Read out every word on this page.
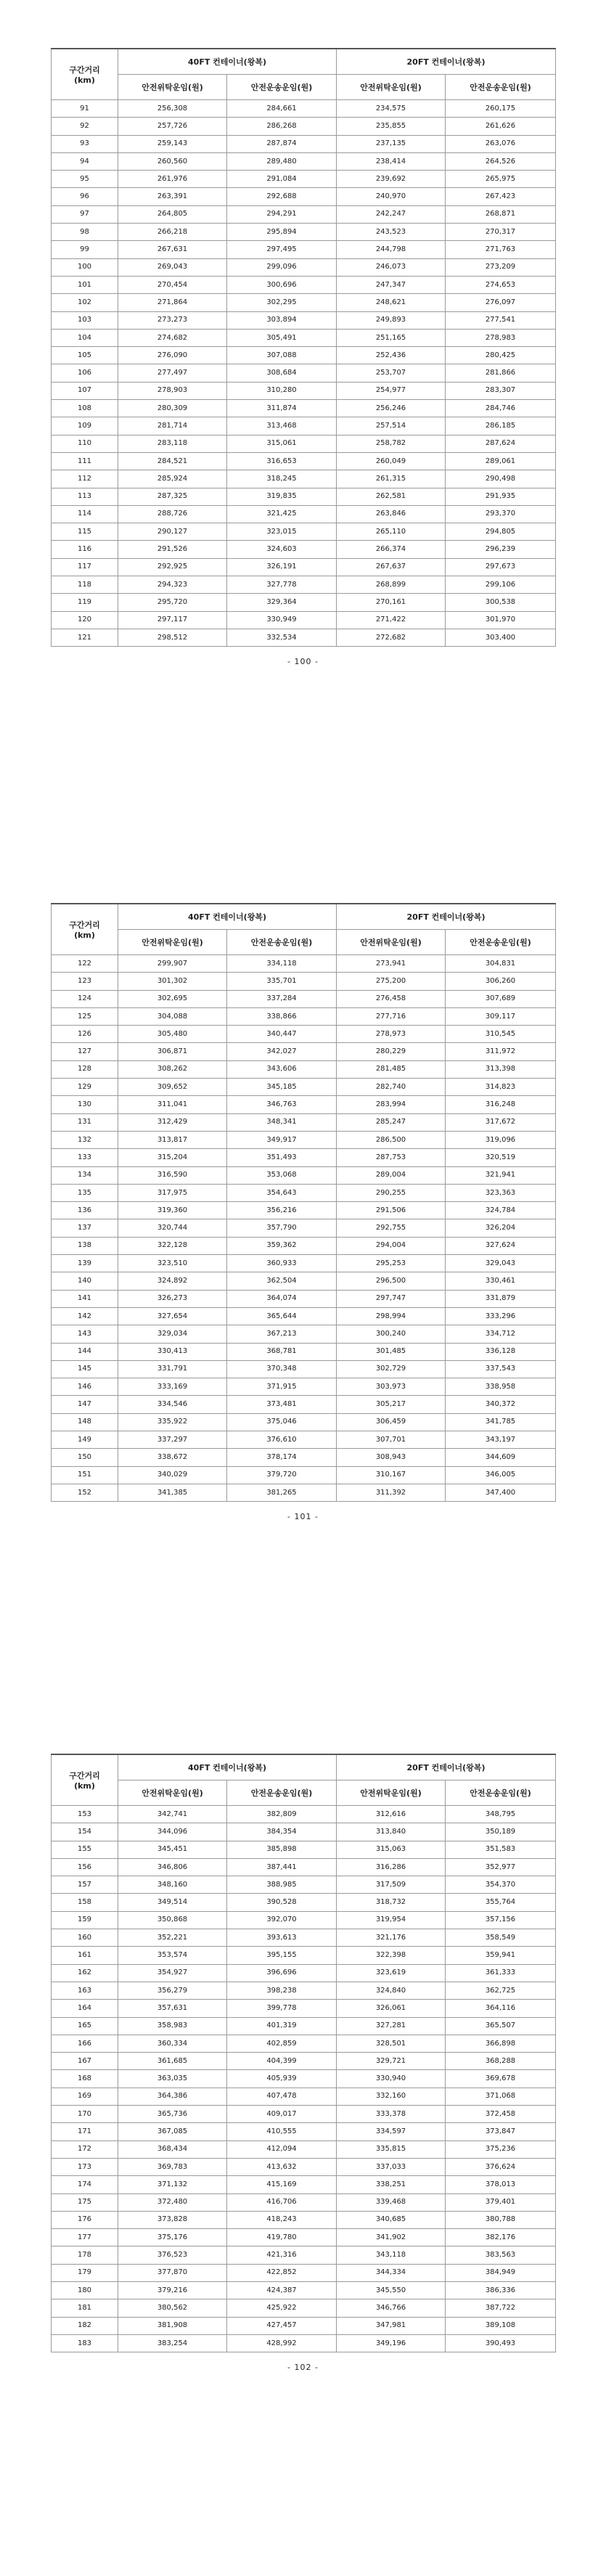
구간거리
(km)	40FT 컨테이너(왕복)		20FT 컨테이너(왕복)	
	안전위탁운임(원)	안전운송운임(원)	안전위탁운임(원)	안전운송운임(원)
91	256,308	284,661	234,575	260,175
92	257,726	286,268	235,855	261,626
93	259,143	287,874	237,135	263,076
94	260,560	289,480	238,414	264,526
95	261,976	291,084	239,692	265,975
96	263,391	292,688	240,970	267,423
97	264,805	294,291	242,247	268,871
98	266,218	295,894	243,523	270,317
99	267,631	297,495	244,798	271,763
100	269,043	299,096	246,073	273,209
101	270,454	300,696	247,347	274,653
102	271,864	302,295	248,621	276,097
103	273,273	303,894	249,893	277,541
104	274,682	305,491	251,165	278,983
105	276,090	307,088	252,436	280,425
106	277,497	308,684	253,707	281,866
107	278,903	310,280	254,977	283,307
108	280,309	311,874	256,246	284,746
109	281,714	313,468	257,514	286,185
110	283,118	315,061	258,782	287,624
111	284,521	316,653	260,049	289,061
112	285,924	318,245	261,315	290,498
113	287,325	319,835	262,581	291,935
114	288,726	321,425	263,846	293,370
115	290,127	323,015	265,110	294,805
116	291,526	324,603	266,374	296,239
117	292,925	326,191	267,637	297,673
118	294,323	327,778	268,899	299,106
119	295,720	329,364	270,161	300,538
120	297,117	330,949	271,422	301,970
121	298,512	332,534	272,682	303,400
- 100 -
구간거리
(km)	40FT 컨테이너(왕복)		20FT 컨테이너(왕복)	
	안전위탁운임(원)	안전운송운임(원)	안전위탁운임(원)	안전운송운임(원)
122	299,907	334,118	273,941	304,831
123	301,302	335,701	275,200	306,260
124	302,695	337,284	276,458	307,689
125	304,088	338,866	277,716	309,117
126	305,480	340,447	278,973	310,545
127	306,871	342,027	280,229	311,972
128	308,262	343,606	281,485	313,398
129	309,652	345,185	282,740	314,823
130	311,041	346,763	283,994	316,248
131	312,429	348,341	285,247	317,672
132	313,817	349,917	286,500	319,096
133	315,204	351,493	287,753	320,519
134	316,590	353,068	289,004	321,941
135	317,975	354,643	290,255	323,363
136	319,360	356,216	291,506	324,784
137	320,744	357,790	292,755	326,204
138	322,128	359,362	294,004	327,624
139	323,510	360,933	295,253	329,043
140	324,892	362,504	296,500	330,461
141	326,273	364,074	297,747	331,879
142	327,654	365,644	298,994	333,296
143	329,034	367,213	300,240	334,712
144	330,413	368,781	301,485	336,128
145	331,791	370,348	302,729	337,543
146	333,169	371,915	303,973	338,958
147	334,546	373,481	305,217	340,372
148	335,922	375,046	306,459	341,785
149	337,297	376,610	307,701	343,197
150	338,672	378,174	308,943	344,609
151	340,029	379,720	310,167	346,005
152	341,385	381,265	311,392	347,400
- 101 -
구간거리
(km)	40FT 컨테이너(왕복)		20FT 컨테이너(왕복)	
	안전위탁운임(원)	안전운송운임(원)	안전위탁운임(원)	안전운송운임(원)
153	342,741	382,809	312,616	348,795
154	344,096	384,354	313,840	350,189
155	345,451	385,898	315,063	351,583
156	346,806	387,441	316,286	352,977
157	348,160	388,985	317,509	354,370
158	349,514	390,528	318,732	355,764
159	350,868	392,070	319,954	357,156
160	352,221	393,613	321,176	358,549
161	353,574	395,155	322,398	359,941
162	354,927	396,696	323,619	361,333
163	356,279	398,238	324,840	362,725
164	357,631	399,778	326,061	364,116
165	358,983	401,319	327,281	365,507
166	360,334	402,859	328,501	366,898
167	361,685	404,399	329,721	368,288
168	363,035	405,939	330,940	369,678
169	364,386	407,478	332,160	371,068
170	365,736	409,017	333,378	372,458
171	367,085	410,555	334,597	373,847
172	368,434	412,094	335,815	375,236
173	369,783	413,632	337,033	376,624
174	371,132	415,169	338,251	378,013
175	372,480	416,706	339,468	379,401
176	373,828	418,243	340,685	380,788
177	375,176	419,780	341,902	382,176
178	376,523	421,316	343,118	383,563
179	377,870	422,852	344,334	384,949
180	379,216	424,387	345,550	386,336
181	380,562	425,922	346,766	387,722
182	381,908	427,457	347,981	389,108
183	383,254	428,992	349,196	390,493
- 102 -
